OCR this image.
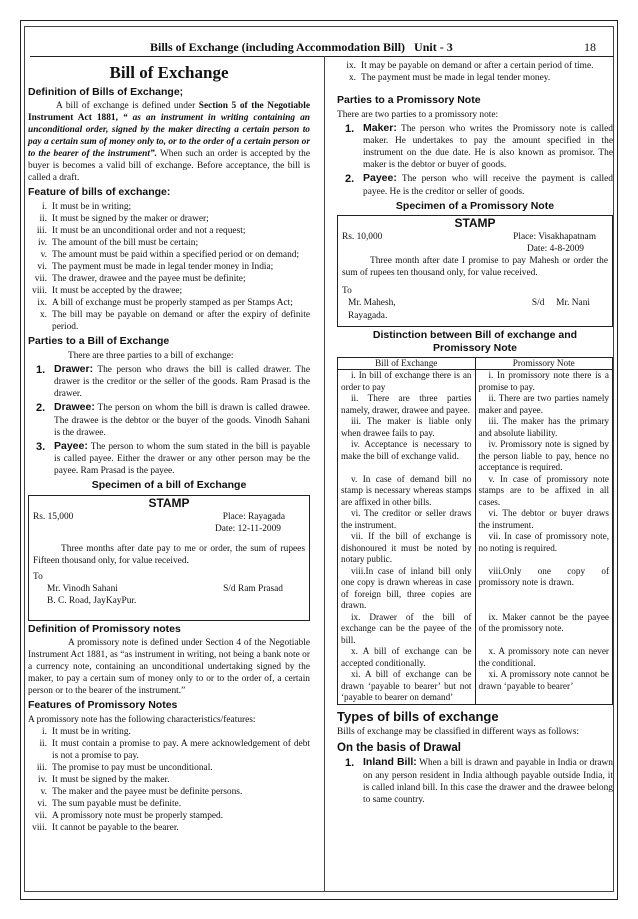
Bills of Exchange (including Accommodation Bill)   Unit - 3	18
Bill of Exchange
Definition of Bills of Exchange;

A bill of exchange is defined under Section 5 of the Negotiable Instrument Act 1881, “ as an instrument in writing containing an unconditional order, signed by the maker directing a certain person to pay a certain sum of money only to, or to the order of a certain person or to the bearer of the instrument”. When such an order is accepted by the buyer is becomes a valid bill of exchange. Before acceptance, the bill is called a draft.

Feature of bills of exchange:
i. It must be in writing;
ii. It must be signed by the maker or drawer;
iii. It must be an unconditional order and not a request;
iv. The amount of the bill must be certain;
v. The amount must be paid within a specified period or on demand;
vi. The payment must be made in legal tender money in India;
vii. The drawer, drawee and the payee must be definite;
viii. It must be accepted by the drawee;
ix. A bill of exchange must be properly stamped as per Stamps Act;
x. The bill may be payable on demand or after the expiry of definite period.
Parties to a Bill of Exchange

There are three parties to a bill of exchange:

1. Drawer: The person who draws the bill is called drawer. The drawer is the creditor or the seller of the goods. Ram Prasad is the drawer.
2. Drawee: The person on whom the bill is drawn is called drawee. The drawee is the debtor or the buyer of the goods. Vinodh Sahani is the drawee.
3. Payee: The person to whom the sum stated in the bill is payable is called payee. Either the drawer or any other person may be the payee. Ram Prasad is the payee.
Specimen of a bill of Exchange
STAMP
Rs. 15,000	Place: Rayagada
Date: 12-11-2009

Three months after date pay to me or order, the sum of rupees Fifteen thousand only, for value received.

To
Mr. Vinodh Sahani	S/d Ram Prasad
B. C. Road, JayKayPur.
Definition of Promissory notes

A promissory note is defined under Section 4 of the Negotiable Instrument Act 1881, as “as instrument in writing, not being a bank note or a currency note, containing an unconditional undertaking signed by the maker, to pay a certain sum of money only to or to the order of, a certain person or to the bearer of the instrument.”

Features of Promissory Notes

A promissory note has the following characteristics/features:

i. It must be in writing.
ii. It must contain a promise to pay. A mere acknowledgement of debt is not a promise to pay.
iii. The promise to pay must be unconditional.
iv. It must be signed by the maker.
v. The maker and the payee must be definite persons.
vi. The sum payable must be definite.
vii. A promissory note must be properly stamped.
viii. It cannot be payable to the bearer.
ix. It may be payable on demand or after a certain period of time.
x. The payment must be made in legal tender money.
Parties to a Promissory Note

There are two parties to a promissory note:

1. Maker: The person who writes the Promissory note is called maker. He undertakes to pay the amount specified in the instrument on the due date. He is also known as promisor. The maker is the debtor or buyer of goods.
2. Payee: The person who will receive the payment is called payee. He is the creditor or seller of goods.
Specimen of a Promissory Note
STAMP
Rs. 10,000	Place: Visakhapatnam
Date: 4-8-2009

Three month after date I promise to pay Mahesh or order the sum of rupees ten thousand only, for value received.

To
Mr. Mahesh,	S/d     Mr. Nani
Rayagada.
Distinction between Bill of exchange and Promissory Note
Bill of Exchange	Promissory Note

i. In bill of exchange there is an order to pay	i. In promissory note there is a promise to pay.

ii. There are three parties namely, drawer, drawee and payee.	ii. There are two parties namely maker and payee.

iii. The maker is liable only when drawee fails to pay.	iii. The maker has the primary and absolute liability.

iv. Acceptance is necessary to make the bill of exchange valid.	iv. Promissory note is signed by the person liable to pay, hence no acceptance is required.

v. In case of demand bill no stamp is necessary whereas stamps are affixed in other bills.	v. In case of promissory note stamps are to be affixed in all cases.

vi. The creditor or seller draws the instrument.	vi. The debtor or buyer draws the instrument.

vii. If the bill of exchange is dishonoured it must be noted by notary public.	vii. In case of promissory note, no noting is required.

viii.In case of inland bill only one copy is drawn whereas in case of foreign bill, three copies are drawn.	viii.Only one copy of promissory note is drawn.

ix. Drawer of the bill of exchange can be the payee of the bill.	ix. Maker cannot be the payee of the promissory note.

x. A bill of exchange can be accepted conditionally.	x. A promissory note can never the conditional.

xi. A bill of exchange can be drawn ‘payable to bearer’ but not ‘payable to bearer on demand’	xi. A promissory note cannot be drawn ‘payable to bearer’
Types of bills of exchange

Bills of exchange may be classified in different ways as follows:

On the basis of Drawal
1. Inland Bill: When a bill is drawn and payable in India or drawn on any person resident in India although payable outside India, it is called inland bill. In this case the drawer and the drawee belong to same country.
